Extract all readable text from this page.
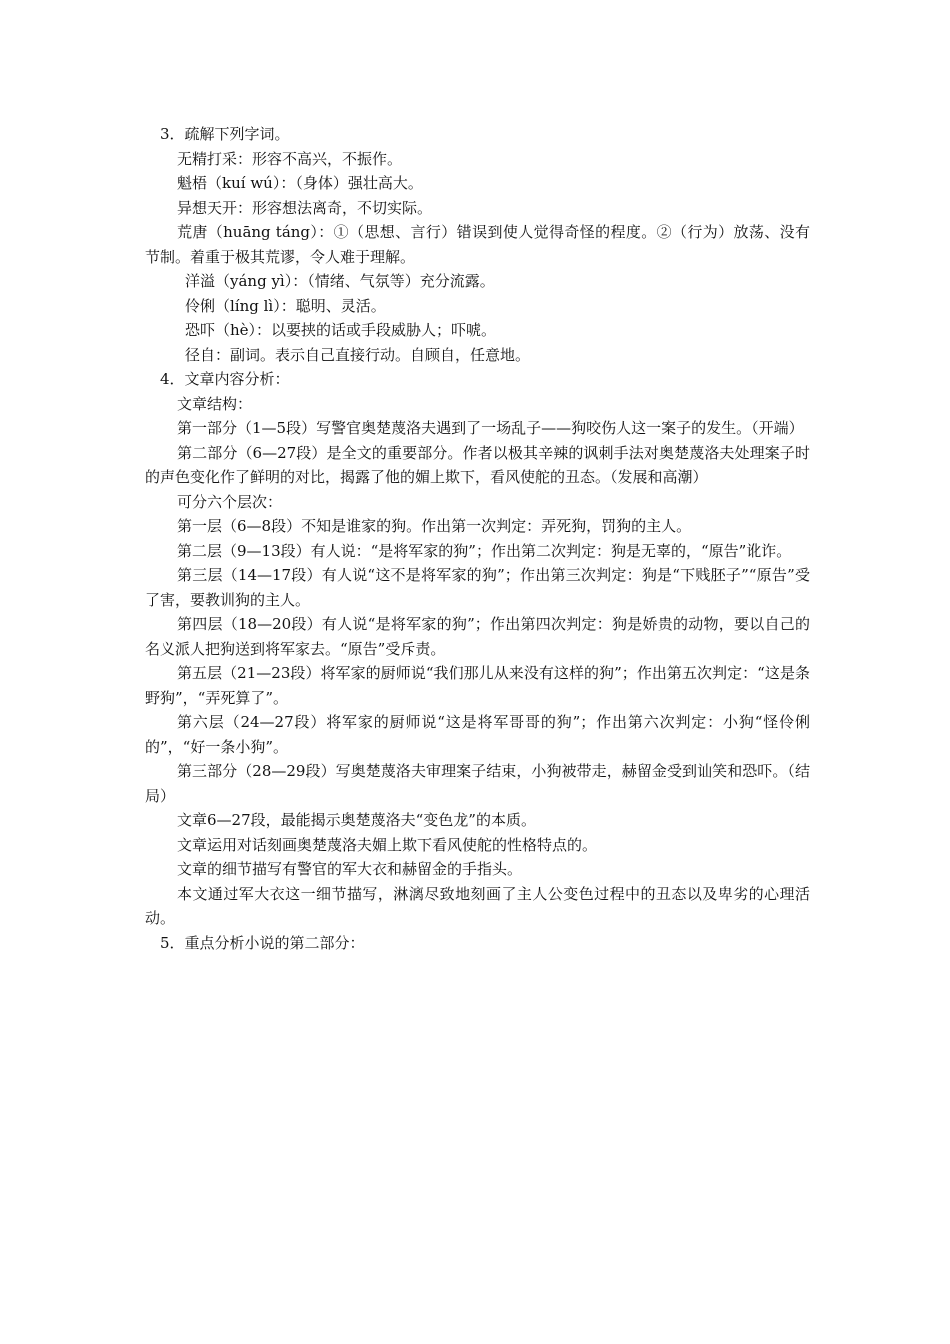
3．疏解下列字词。

无精打采：形容不高兴，不振作。

魁梧（kuí wú）：（身体）强壮高大。

异想天开：形容想法离奇，不切实际。

荒唐（huāng táng）：①（思想、言行）错误到使人觉得奇怪的程度。②（行为）放荡、没有节制。着重于极其荒谬，令人难于理解。

洋溢（yáng yì）：（情绪、气氛等）充分流露。

伶俐（líng lì）：聪明、灵活。

恐吓（hè）：以要挟的话或手段威胁人；吓唬。

径自：副词。表示自己直接行动。自顾自，任意地。

4．文章内容分析：

文章结构：

第一部分（1—5段）写警官奥楚蔑洛夫遇到了一场乱子——狗咬伤人这一案子的发生。（开端）

第二部分（6—27段）是全文的重要部分。作者以极其辛辣的讽刺手法对奥楚蔑洛夫处理案子时的声色变化作了鲜明的对比，揭露了他的媚上欺下，看风使舵的丑态。（发展和高潮）

可分六个层次：

第一层（6—8段）不知是谁家的狗。作出第一次判定：弄死狗，罚狗的主人。

第二层（9—13段）有人说：“是将军家的狗”；作出第二次判定：狗是无辜的，“原告”讹诈。

第三层（14—17段）有人说“这不是将军家的狗”；作出第三次判定：狗是“下贱胚子”“原告”受了害，要教训狗的主人。

第四层（18—20段）有人说“是将军家的狗”；作出第四次判定：狗是娇贵的动物，要以自己的名义派人把狗送到将军家去。“原告”受斥责。

第五层（21—23段）将军家的厨师说“我们那儿从来没有这样的狗”；作出第五次判定：“这是条野狗”，“弄死算了”。

第六层（24—27段）将军家的厨师说“这是将军哥哥的狗”；作出第六次判定：小狗“怪伶俐的”，“好一条小狗”。

第三部分（28—29段）写奥楚蔑洛夫审理案子结束，小狗被带走，赫留金受到讪笑和恐吓。（结局）

文章6—27段，最能揭示奥楚蔑洛夫“变色龙”的本质。

文章运用对话刻画奥楚蔑洛夫媚上欺下看风使舵的性格特点的。

文章的细节描写有警官的军大衣和赫留金的手指头。

本文通过军大衣这一细节描写，淋漓尽致地刻画了主人公变色过程中的丑态以及卑劣的心理活动。

5．重点分析小说的第二部分：
